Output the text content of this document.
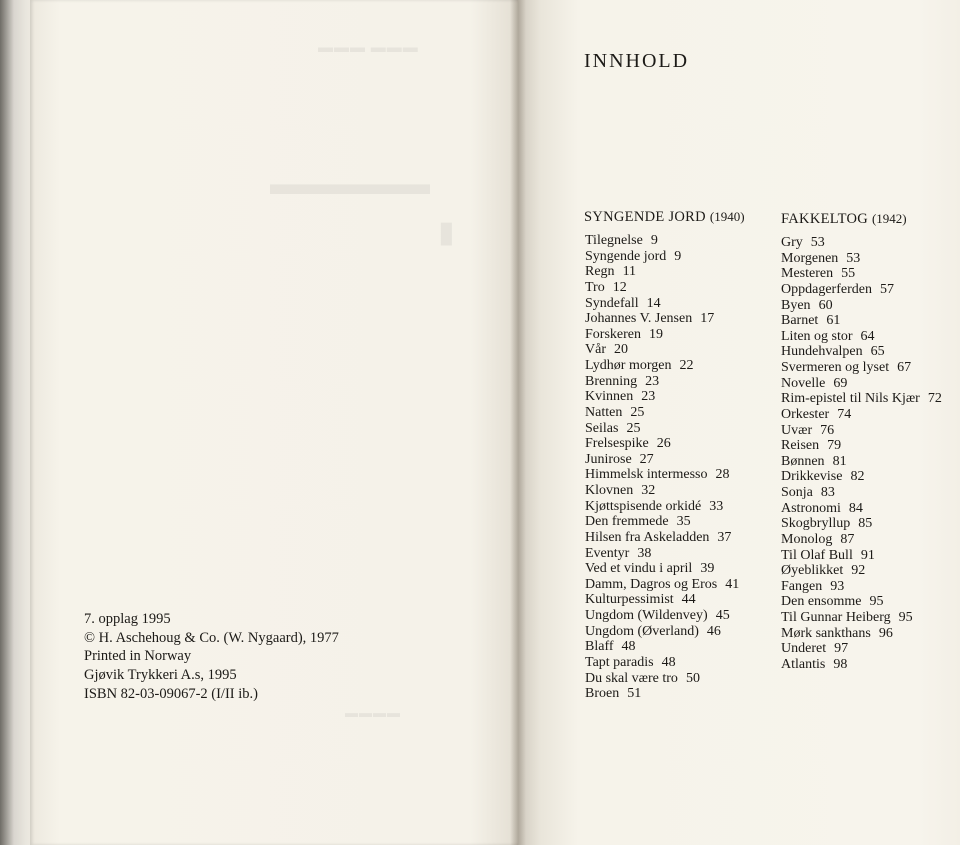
▬▬▬ ▬▬▬
▬▬▬▬▬
▮
▬▬▬▬
7. opplag 1995
© H. Aschehoug & Co. (W. Nygaard), 1977
Printed in Norway
Gjøvik Trykkeri A.s, 1995
ISBN 82-03-09067-2 (I/II ib.)
INNHOLD
SYNGENDE JORD (1940)	FAKKELTOG (1942)
Tilegnelse 9
Syngende jord 9
Regn 11
Tro 12
Syndefall 14
Johannes V. Jensen 17
Forskeren 19
Vår 20
Lydhør morgen 22
Brenning 23
Kvinnen 23
Natten 25
Seilas 25
Frelsespike 26
Junirose 27
Himmelsk intermesso 28
Klovnen 32
Kjøttspisende orkidé 33
Den fremmede 35
Hilsen fra Askeladden 37
Eventyr 38
Ved et vindu i april 39
Damm, Dagros og Eros 41
Kulturpessimist 44
Ungdom (Wildenvey) 45
Ungdom (Øverland) 46
Blaff 48
Tapt paradis 48
Du skal være tro 50
Broen 51
Gry 53
Morgenen 53
Mesteren 55
Oppdagerferden 57
Byen 60
Barnet 61
Liten og stor 64
Hundehvalpen 65
Svermeren og lyset 67
Novelle 69
Rim-epistel til Nils Kjær 72
Orkester 74
Uvær 76
Reisen 79
Bønnen 81
Drikkevise 82
Sonja 83
Astronomi 84
Skogbryllup 85
Monolog 87
Til Olaf Bull 91
Øyeblikket 92
Fangen 93
Den ensomme 95
Til Gunnar Heiberg 95
Mørk sankthans 96
Underet 97
Atlantis 98
